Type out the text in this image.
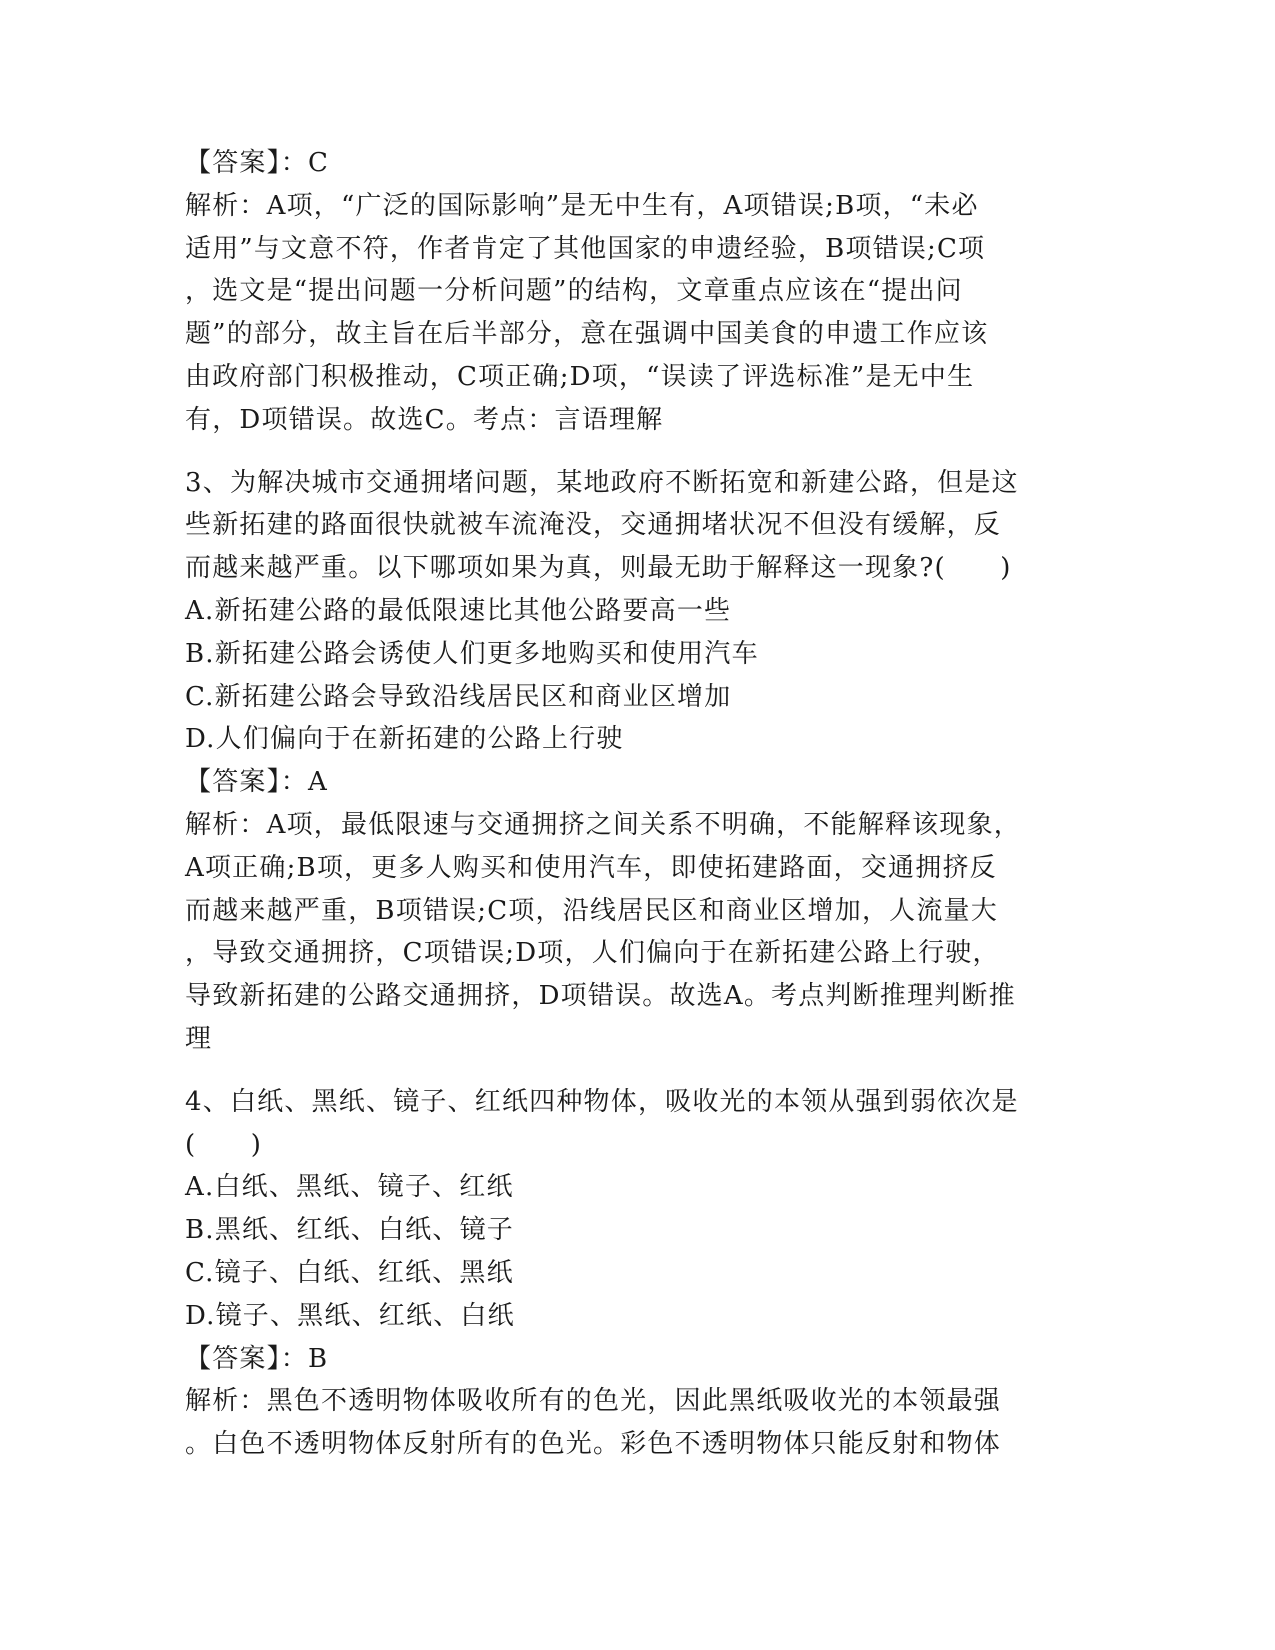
【答案】：C
解析：A项，“广泛的国际影响”是无中生有，A项错误;B项，“未必
适用”与文意不符，作者肯定了其他国家的申遗经验，B项错误;C项
，选文是“提出问题一分析问题”的结构，文章重点应该在“提出问
题”的部分，故主旨在后半部分，意在强调中国美食的申遗工作应该
由政府部门积极推动，C项正确;D项，“误读了评选标准”是无中生
有，D项错误。故选C。考点：言语理解
3、为解决城市交通拥堵问题，某地政府不断拓宽和新建公路，但是这
些新拓建的路面很快就被车流淹没，交通拥堵状况不但没有缓解，反
而越来越严重。以下哪项如果为真，则最无助于解释这一现象?(　　)
A.新拓建公路的最低限速比其他公路要高一些
B.新拓建公路会诱使人们更多地购买和使用汽车
C.新拓建公路会导致沿线居民区和商业区增加
D.人们偏向于在新拓建的公路上行驶
【答案】：A
解析：A项，最低限速与交通拥挤之间关系不明确，不能解释该现象，
A项正确;B项，更多人购买和使用汽车，即使拓建路面，交通拥挤反
而越来越严重，B项错误;C项，沿线居民区和商业区增加，人流量大
，导致交通拥挤，C项错误;D项，人们偏向于在新拓建公路上行驶，
导致新拓建的公路交通拥挤，D项错误。故选A。考点判断推理判断推
理
4、白纸、黑纸、镜子、红纸四种物体，吸收光的本领从强到弱依次是
(　　)
A.白纸、黑纸、镜子、红纸
B.黑纸、红纸、白纸、镜子
C.镜子、白纸、红纸、黑纸
D.镜子、黑纸、红纸、白纸
【答案】：B
解析：黑色不透明物体吸收所有的色光，因此黑纸吸收光的本领最强
。白色不透明物体反射所有的色光。彩色不透明物体只能反射和物体
